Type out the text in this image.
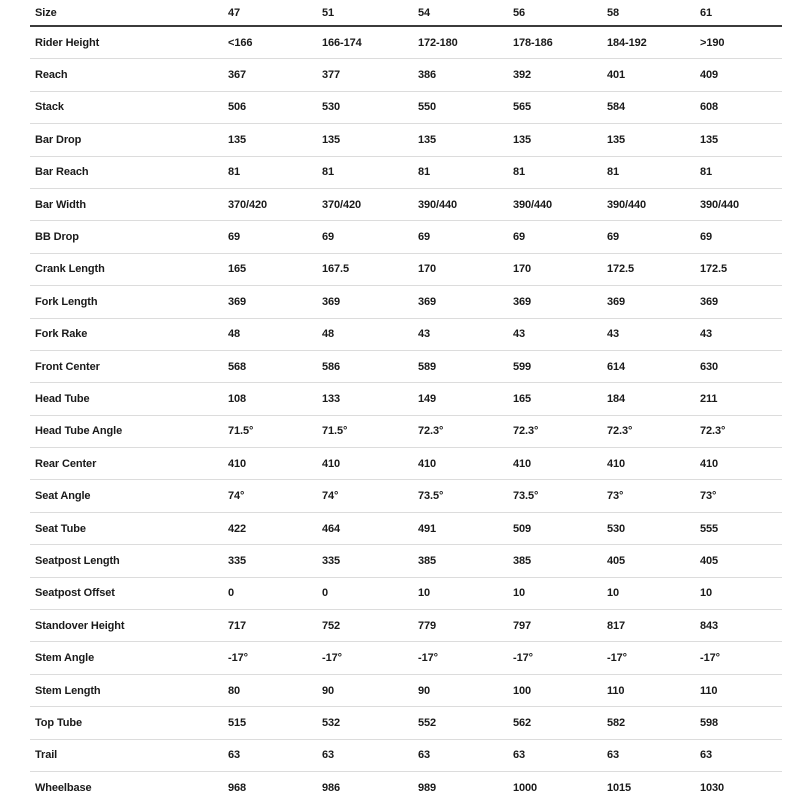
Size	47	51	54	56	58	61
Rider Height	<166	166-174	172-180	178-186	184-192	>190
Reach	367	377	386	392	401	409
Stack	506	530	550	565	584	608
Bar Drop	135	135	135	135	135	135
Bar Reach	81	81	81	81	81	81
Bar Width	370/420	370/420	390/440	390/440	390/440	390/440
BB Drop	69	69	69	69	69	69
Crank Length	165	167.5	170	170	172.5	172.5
Fork Length	369	369	369	369	369	369
Fork Rake	48	48	43	43	43	43
Front Center	568	586	589	599	614	630
Head Tube	108	133	149	165	184	211
Head Tube Angle	71.5°	71.5°	72.3°	72.3°	72.3°	72.3°
Rear Center	410	410	410	410	410	410
Seat Angle	74°	74°	73.5°	73.5°	73°	73°
Seat Tube	422	464	491	509	530	555
Seatpost Length	335	335	385	385	405	405
Seatpost Offset	0	0	10	10	10	10
Standover Height	717	752	779	797	817	843
Stem Angle	-17°	-17°	-17°	-17°	-17°	-17°
Stem Length	80	90	90	100	110	110
Top Tube	515	532	552	562	582	598
Trail	63	63	63	63	63	63
Wheelbase	968	986	989	1000	1015	1030
